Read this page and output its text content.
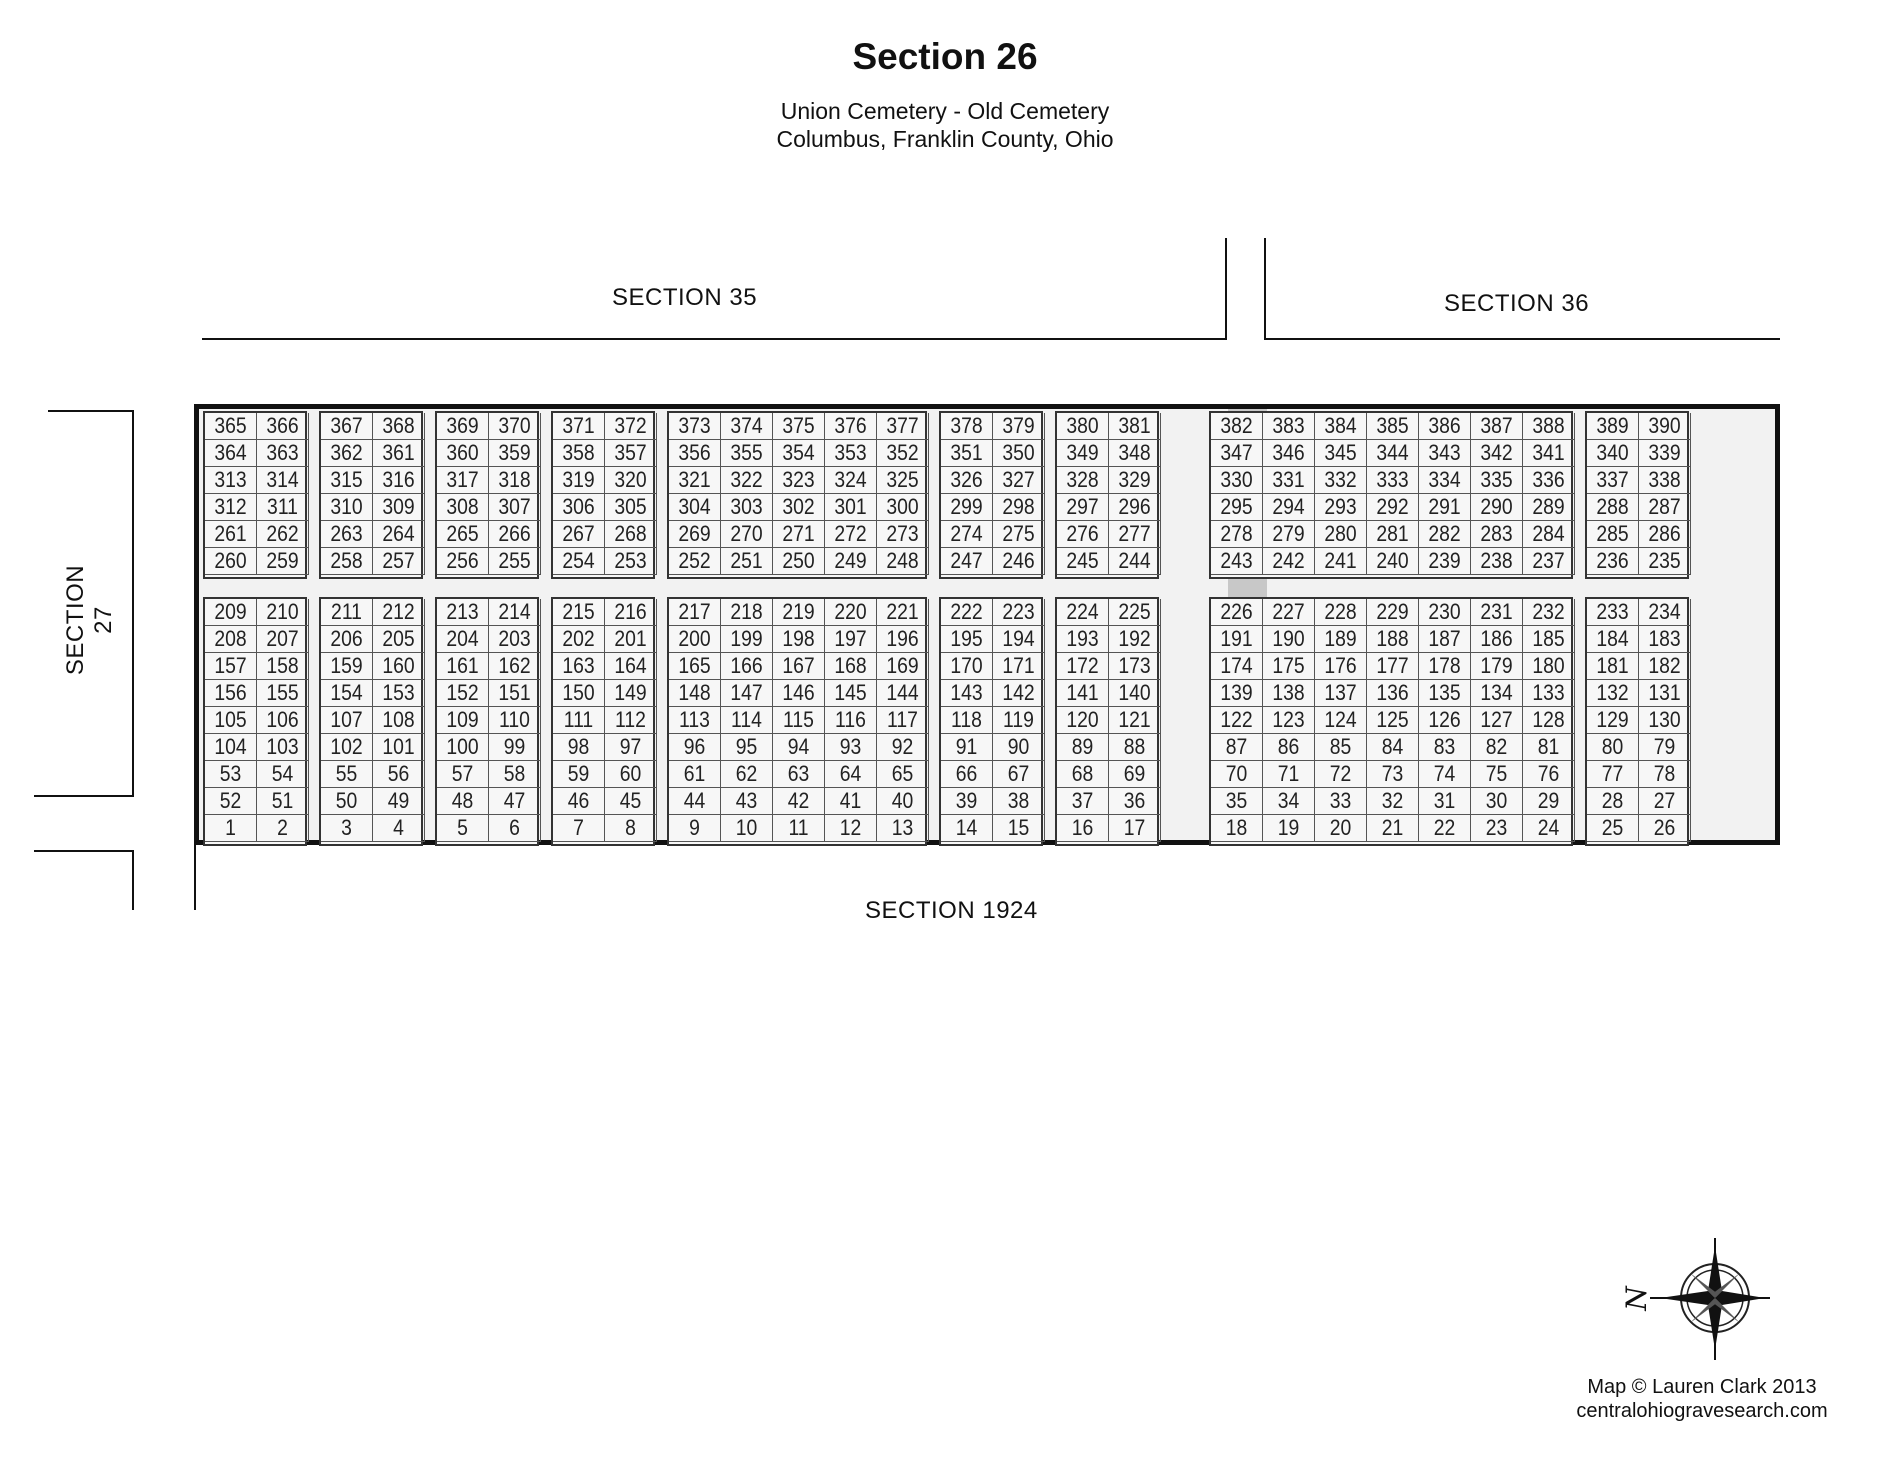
Section 26
Union Cemetery - Old Cemetery
Columbus, Franklin County, Ohio
SECTION 35	SECTION 36
SECTION 27
SECTION 1924
365 366
364 363
313 314
312 311
261 262
260 259
367 368
362 361
315 316
310 309
263 264
258 257
369 370
360 359
317 318
308 307
265 266
256 255
371 372
358 357
319 320
306 305
267 268
254 253
373 374 375 376 377
356 355 354 353 352
321 322 323 324 325
304 303 302 301 300
269 270 271 272 273
252 251 250 249 248
378 379
351 350
326 327
299 298
274 275
247 246
380 381
349 348
328 329
297 296
276 277
245 244
382 383 384 385 386 387 388
347 346 345 344 343 342 341
330 331 332 333 334 335 336
295 294 293 292 291 290 289
278 279 280 281 282 283 284
243 242 241 240 239 238 237
389 390
340 339
337 338
288 287
285 286
236 235
209 210
208 207
157 158
156 155
105 106
104 103
53	54
52	51
1	2
211 212
206 205
159 160
154 153
107 108
102 101
55	56
50	49
3	4
213 214
204 203
161 162
152 151
109 110
100	99
57	58
48	47
5	6
215 216
202 201
163 164
150 149
111 112
98	97
59	60
46	45
7	8
217 218 219 220 221
200 199 198 197 196
165 166 167 168 169
148 147 146 145 144
113 114 115 116 117
96	95	94	93	92
61	62	63	64	65
44	43	42	41	40
9	10	11	12	13
222 223
195 194
170 171
143 142
118 119
91	90
66	67
39	38
14	15
224 225
193 192
172 173
141 140
120 121
89	88
68	69
37	36
16	17
226 227 228 229 230 231 232
191 190 189 188 187 186 185
174 175 176 177 178 179 180
139 138 137 136 135 134 133
122 123 124 125 126 127 128
87	86	85	84	83	82	81
70	71	72	73	74	75	76
35	34	33	32	31	30	29
18	19	20	21	22	23	24
233 234
184 183
181 182
132 131
129 130
80	79
77	78
28	27
25	26
N
Map © Lauren Clark 2013
centralohiogravesearch.com
